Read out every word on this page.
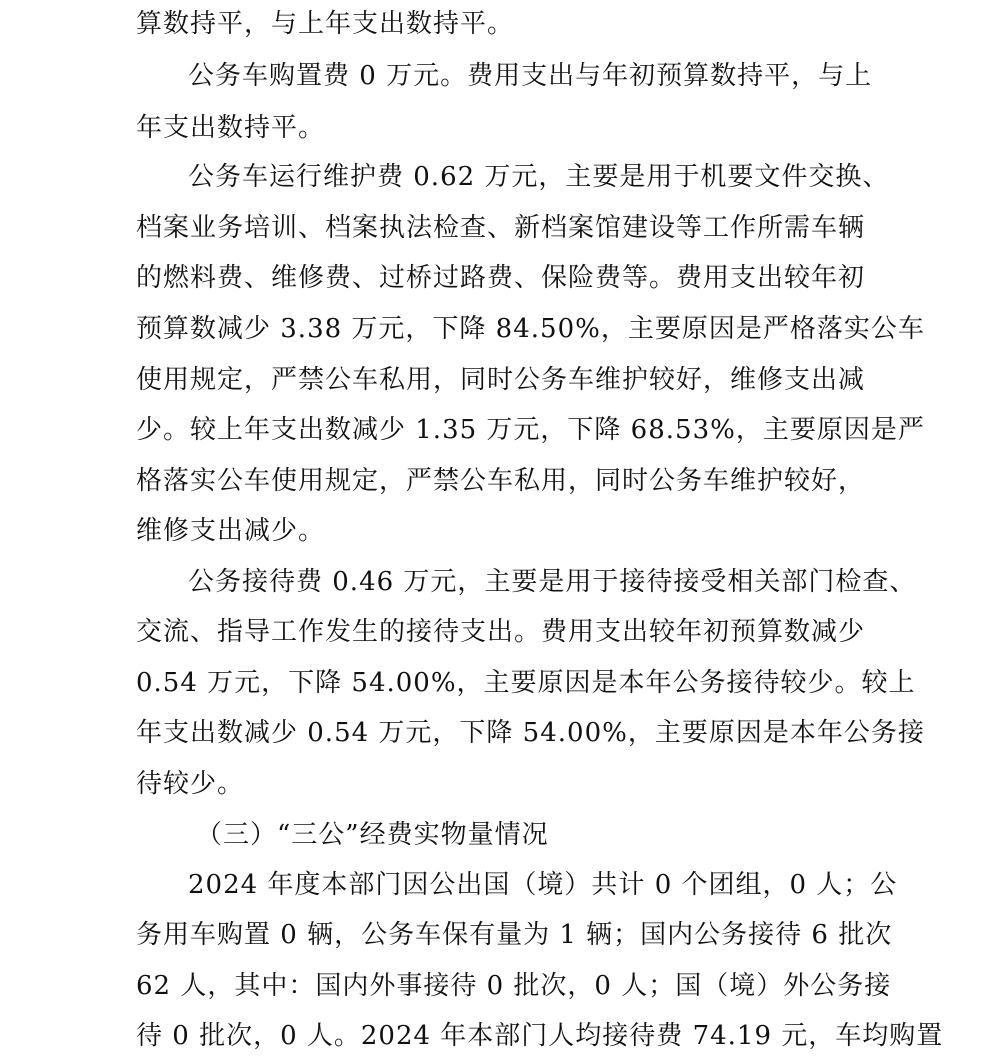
算数持平，与上年支出数持平。
公务车购置费 0 万元。费用支出与年初预算数持平，与上
年支出数持平。
公务车运行维护费 0.62 万元，主要是用于机要文件交换、
档案业务培训、档案执法检查、新档案馆建设等工作所需车辆
的燃料费、维修费、过桥过路费、保险费等。费用支出较年初
预算数减少 3.38 万元，下降 84.50%，主要原因是严格落实公车
使用规定，严禁公车私用，同时公务车维护较好，维修支出减
少。较上年支出数减少 1.35 万元，下降 68.53%，主要原因是严
格落实公车使用规定，严禁公车私用，同时公务车维护较好，
维修支出减少。
公务接待费 0.46 万元，主要是用于接待接受相关部门检查、
交流、指导工作发生的接待支出。费用支出较年初预算数减少
0.54 万元，下降 54.00%，主要原因是本年公务接待较少。较上
年支出数减少 0.54 万元，下降 54.00%，主要原因是本年公务接
待较少。
（三）“三公”经费实物量情况
2024 年度本部门因公出国（境）共计 0 个团组，0 人；公
务用车购置 0 辆，公务车保有量为 1 辆；国内公务接待 6 批次
62 人，其中：国内外事接待 0 批次，0 人；国（境）外公务接
待 0 批次，0 人。2024 年本部门人均接待费 74.19 元，车均购置
